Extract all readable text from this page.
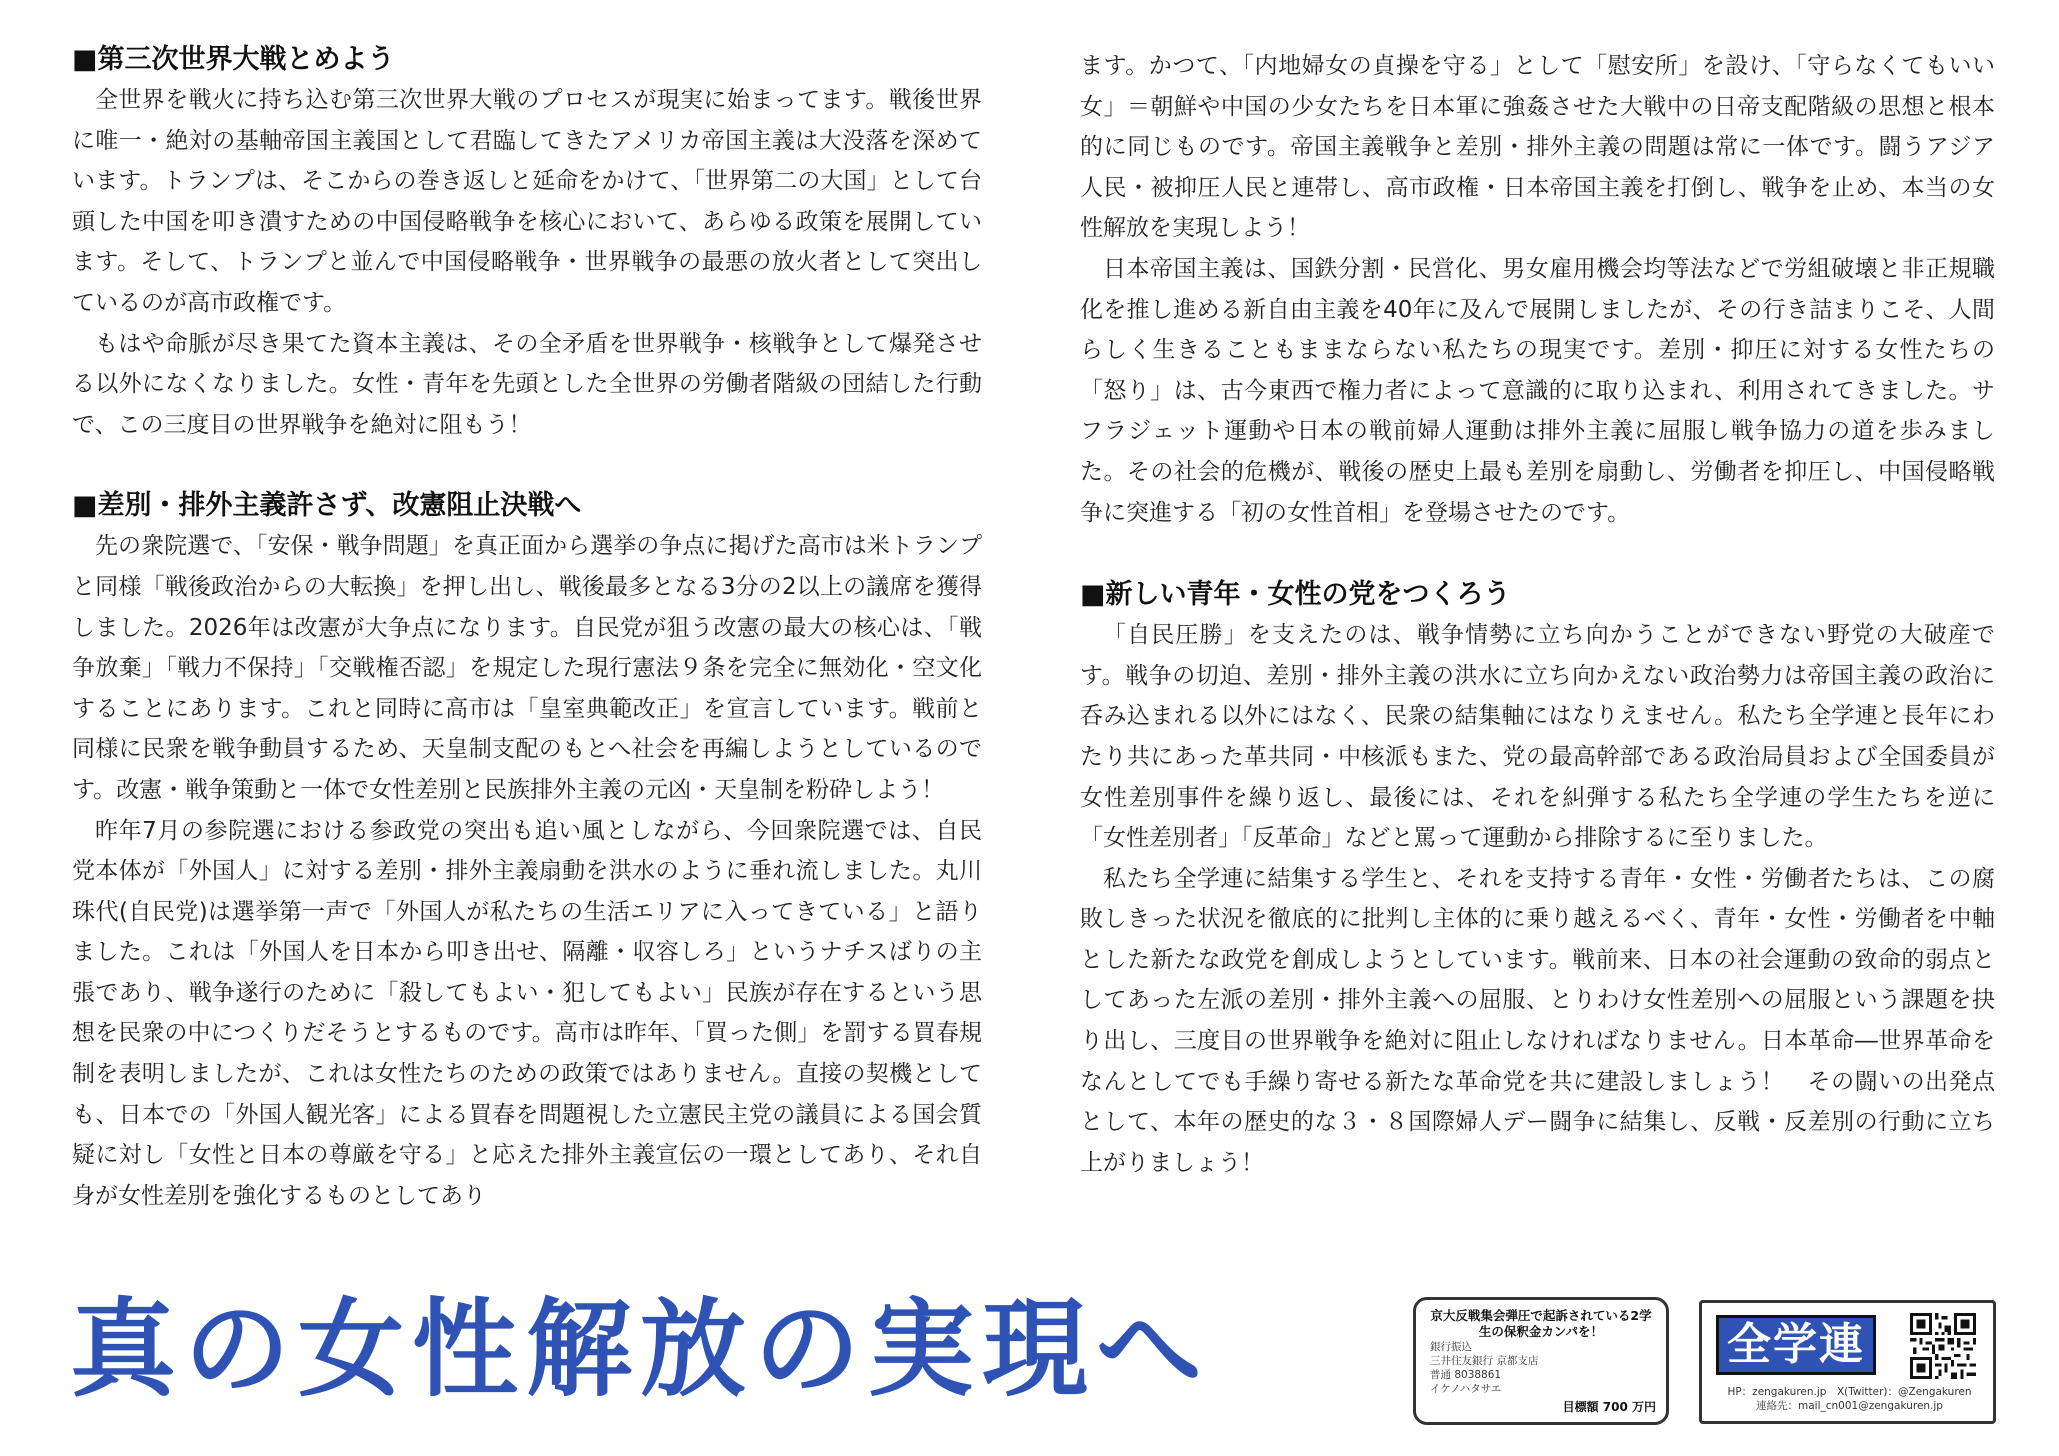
■第三次世界大戦とめよう

全世界を戦火に持ち込む第三次世界大戦のプロセスが現実に始まってます。戦後世界に唯一・絶対の基軸帝国主義国として君臨してきたアメリカ帝国主義は大没落を深めています。トランプは、そこからの巻き返しと延命をかけて、「世界第二の大国」として台頭した中国を叩き潰すための中国侵略戦争を核心において、あらゆる政策を展開しています。そして、トランプと並んで中国侵略戦争・世界戦争の最悪の放火者として突出しているのが高市政権です。

もはや命脈が尽き果てた資本主義は、その全矛盾を世界戦争・核戦争として爆発させる以外になくなりました。女性・青年を先頭とした全世界の労働者階級の団結した行動で、この三度目の世界戦争を絶対に阻もう！

■差別・排外主義許さず、改憲阻止決戦へ

先の衆院選で、「安保・戦争問題」を真正面から選挙の争点に掲げた高市は米トランプと同様「戦後政治からの大転換」を押し出し、戦後最多となる3分の2以上の議席を獲得しました。2026年は改憲が大争点になります。自民党が狙う改憲の最大の核心は、「戦争放棄」「戦力不保持」「交戦権否認」を規定した現行憲法９条を完全に無効化・空文化することにあります。これと同時に高市は「皇室典範改正」を宣言しています。戦前と同様に民衆を戦争動員するため、天皇制支配のもとへ社会を再編しようとしているのです。改憲・戦争策動と一体で女性差別と民族排外主義の元凶・天皇制を粉砕しよう！

昨年7月の参院選における参政党の突出も追い風としながら、今回衆院選では、自民党本体が「外国人」に対する差別・排外主義扇動を洪水のように垂れ流しました。丸川珠代(自民党)は選挙第一声で「外国人が私たちの生活エリアに入ってきている」と語りました。これは「外国人を日本から叩き出せ、隔離・収容しろ」というナチスばりの主張であり、戦争遂行のために「殺してもよい・犯してもよい」民族が存在するという思想を民衆の中につくりだそうとするものです。高市は昨年、「買った側」を罰する買春規制を表明しましたが、これは女性たちのための政策ではありません。直接の契機としても、日本での「外国人観光客」による買春を問題視した立憲民主党の議員による国会質疑に対し「女性と日本の尊厳を守る」と応えた排外主義宣伝の一環としてあり、それ自身が女性差別を強化するものとしてあり

ます。かつて、「内地婦女の貞操を守る」として「慰安所」を設け、「守らなくてもいい女」＝朝鮮や中国の少女たちを日本軍に強姦させた大戦中の日帝支配階級の思想と根本的に同じものです。帝国主義戦争と差別・排外主義の問題は常に一体です。闘うアジア人民・被抑圧人民と連帯し、高市政権・日本帝国主義を打倒し、戦争を止め、本当の女性解放を実現しよう！

日本帝国主義は、国鉄分割・民営化、男女雇用機会均等法などで労組破壊と非正規職化を推し進める新自由主義を40年に及んで展開しましたが、その行き詰まりこそ、人間らしく生きることもままならない私たちの現実です。差別・抑圧に対する女性たちの「怒り」は、古今東西で権力者によって意識的に取り込まれ、利用されてきました。サフラジェット運動や日本の戦前婦人運動は排外主義に屈服し戦争協力の道を歩みました。その社会的危機が、戦後の歴史上最も差別を扇動し、労働者を抑圧し、中国侵略戦争に突進する「初の女性首相」を登場させたのです。

■新しい青年・女性の党をつくろう

「自民圧勝」を支えたのは、戦争情勢に立ち向かうことができない野党の大破産です。戦争の切迫、差別・排外主義の洪水に立ち向かえない政治勢力は帝国主義の政治に呑み込まれる以外にはなく、民衆の結集軸にはなりえません。私たち全学連と長年にわたり共にあった革共同・中核派もまた、党の最高幹部である政治局員および全国委員が女性差別事件を繰り返し、最後には、それを糾弾する私たち全学連の学生たちを逆に「女性差別者」「反革命」などと罵って運動から排除するに至りました。

私たち全学連に結集する学生と、それを支持する青年・女性・労働者たちは、この腐敗しきった状況を徹底的に批判し主体的に乗り越えるべく、青年・女性・労働者を中軸とした新たな政党を創成しようとしています。戦前来、日本の社会運動の致命的弱点としてあった左派の差別・排外主義への屈服、とりわけ女性差別への屈服という課題を抉り出し、三度目の世界戦争を絶対に阻止しなければなりません。日本革命―世界革命をなんとしてでも手繰り寄せる新たな革命党を共に建設しましょう！　その闘いの出発点として、本年の歴史的な３・８国際婦人デー闘争に結集し、反戦・反差別の行動に立ち上がりましょう！

真の女性解放の実現へ	京大反戦集会弾圧で起訴されている2学生の保釈金カンパを！
銀行振込
三井住友銀行 京都支店
普通 8038861
イケノハタサエ
目標額 700 万円
全学連
HP：zengakuren.jp　X(Twitter)：@Zengakuren
連絡先：mail_cn001@zengakuren.jp
